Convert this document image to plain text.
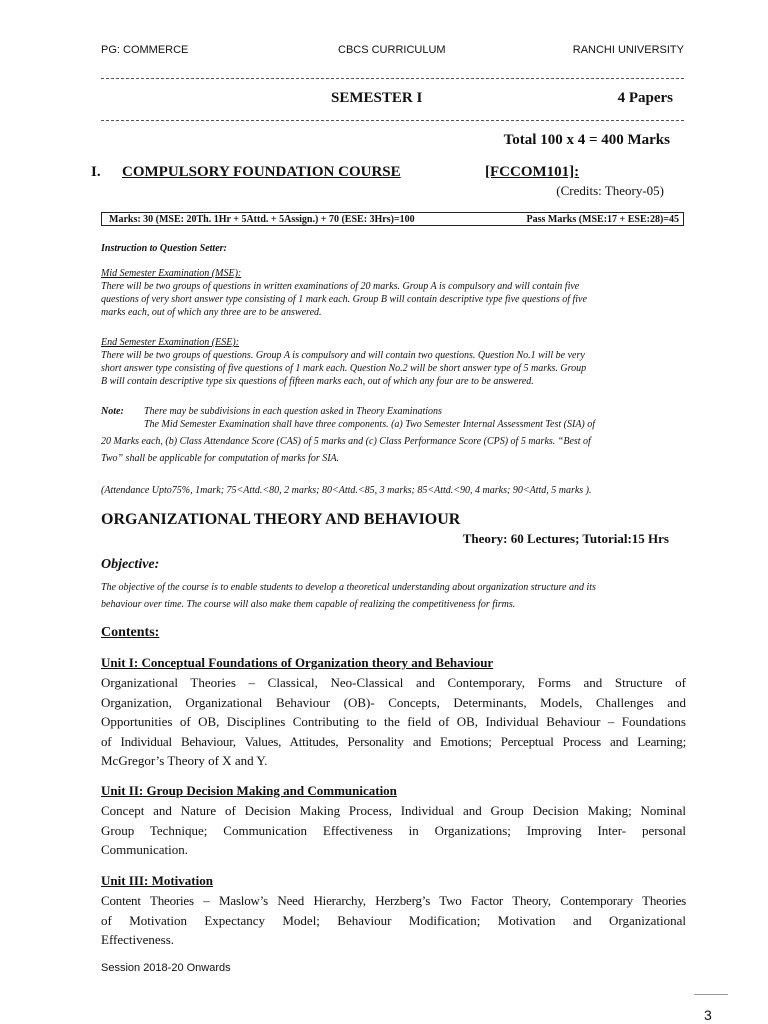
PG: COMMERCE	CBCS CURRICULUM	RANCHI UNIVERSITY
SEMESTER I	4 Papers
Total 100 x 4 = 400 Marks
I. COMPULSORY FOUNDATION COURSE	[FCCOM101]:
(Credits: Theory-05)
Marks: 30 (MSE: 20Th. 1Hr + 5Attd. + 5Assign.) + 70 (ESE: 3Hrs)=100	Pass Marks (MSE:17 + ESE:28)=45
Instruction to Question Setter:
Mid Semester Examination (MSE):
There will be two groups of questions in written examinations of 20 marks. Group A is compulsory and will contain five
questions of very short answer type consisting of 1 mark each. Group B will contain descriptive type five questions of five
marks each, out of which any three are to be answered.
End Semester Examination (ESE):
There will be two groups of questions. Group A is compulsory and will contain two questions. Question No.1 will be very
short answer type consisting of five questions of 1 mark each. Question No.2 will be short answer type of 5 marks. Group
B will contain descriptive type six questions of fifteen marks each, out of which any four are to be answered.
Note: There may be subdivisions in each question asked in Theory Examinations
The Mid Semester Examination shall have three components. (a) Two Semester Internal Assessment Test (SIA) of
20 Marks each, (b) Class Attendance Score (CAS) of 5 marks and (c) Class Performance Score (CPS) of 5 marks. “Best of
Two” shall be applicable for computation of marks for SIA.
(Attendance Upto75%, 1mark; 75<Attd.<80, 2 marks; 80<Attd.<85, 3 marks; 85<Attd.<90, 4 marks; 90<Attd, 5 marks ).
ORGANIZATIONAL THEORY AND BEHAVIOUR
Theory: 60 Lectures; Tutorial:15 Hrs
Objective:
The objective of the course is to enable students to develop a theoretical understanding about organization structure and its
behaviour over time. The course will also make them capable of realizing the competitiveness for firms.
Contents:
Unit I: Conceptual Foundations of Organization theory and Behaviour
Organizational Theories – Classical, Neo-Classical and Contemporary, Forms and Structure of
Organization, Organizational Behaviour (OB)- Concepts, Determinants, Models, Challenges and
Opportunities of OB, Disciplines Contributing to the field of OB, Individual Behaviour – Foundations
of Individual Behaviour, Values, Attitudes, Personality and Emotions; Perceptual Process and Learning;
McGregor’s Theory of X and Y.
Unit II: Group Decision Making and Communication
Concept and Nature of Decision Making Process, Individual and Group Decision Making; Nominal
Group Technique; Communication Effectiveness in Organizations; Improving Inter- personal
Communication.
Unit III: Motivation
Content Theories – Maslow’s Need Hierarchy, Herzberg’s Two Factor Theory, Contemporary Theories
of Motivation Expectancy Model; Behaviour Modification; Motivation and Organizational
Effectiveness.
Session 2018-20 Onwards
3
